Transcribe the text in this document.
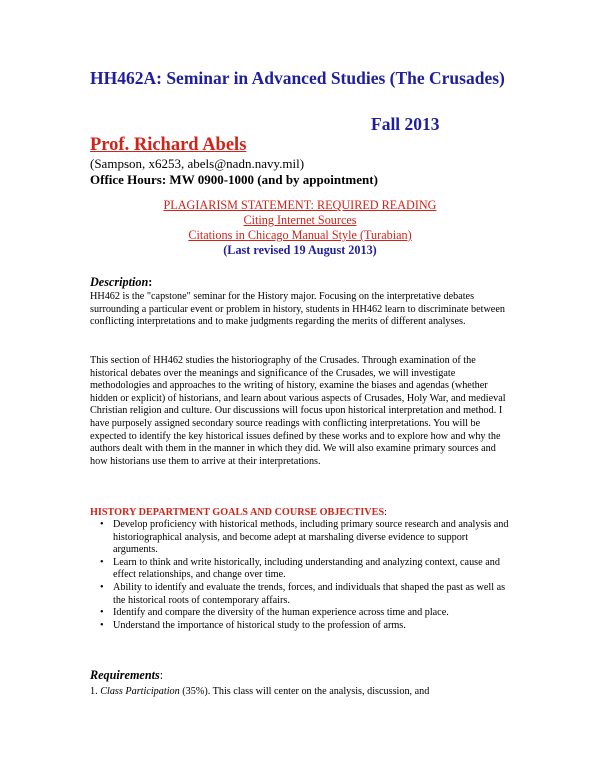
HH462A: Seminar in Advanced Studies (The Crusades)
Fall 2013
Prof. Richard Abels
(Sampson, x6253, abels@nadn.navy.mil)
Office Hours: MW 0900-1000 (and by appointment)
PLAGIARISM STATEMENT: REQUIRED READING
Citing Internet Sources
Citations in Chicago Manual Style (Turabian)
(Last revised 19 August 2013)
Description:
HH462 is the "capstone" seminar for the History major. Focusing on the interpretative debates surrounding a particular event or problem in history, students in HH462 learn to discriminate between conflicting interpretations and to make judgments regarding the merits of different analyses.
This section of HH462 studies the historiography of the Crusades. Through examination of the historical debates over the meanings and significance of the Crusades, we will investigate methodologies and approaches to the writing of history, examine the biases and agendas (whether hidden or explicit) of historians, and learn about various aspects of Crusades, Holy War, and medieval Christian religion and culture. Our discussions will focus upon historical interpretation and method. I have purposely assigned secondary source readings with conflicting interpretations. You will be expected to identify the key historical issues defined by these works and to explore how and why the authors dealt with them in the manner in which they did. We will also examine primary sources and how historians use them to arrive at their interpretations.
HISTORY DEPARTMENT GOALS AND COURSE OBJECTIVES:
• Develop proficiency with historical methods, including primary source research and analysis and historiographical analysis, and become adept at marshaling diverse evidence to support arguments.
• Learn to think and write historically, including understanding and analyzing context, cause and effect relationships, and change over time.
• Ability to identify and evaluate the trends, forces, and individuals that shaped the past as well as the historical roots of contemporary affairs.
• Identify and compare the diversity of the human experience across time and place.
• Understand the importance of historical study to the profession of arms.
Requirements:
1. Class Participation (35%). This class will center on the analysis, discussion, and
